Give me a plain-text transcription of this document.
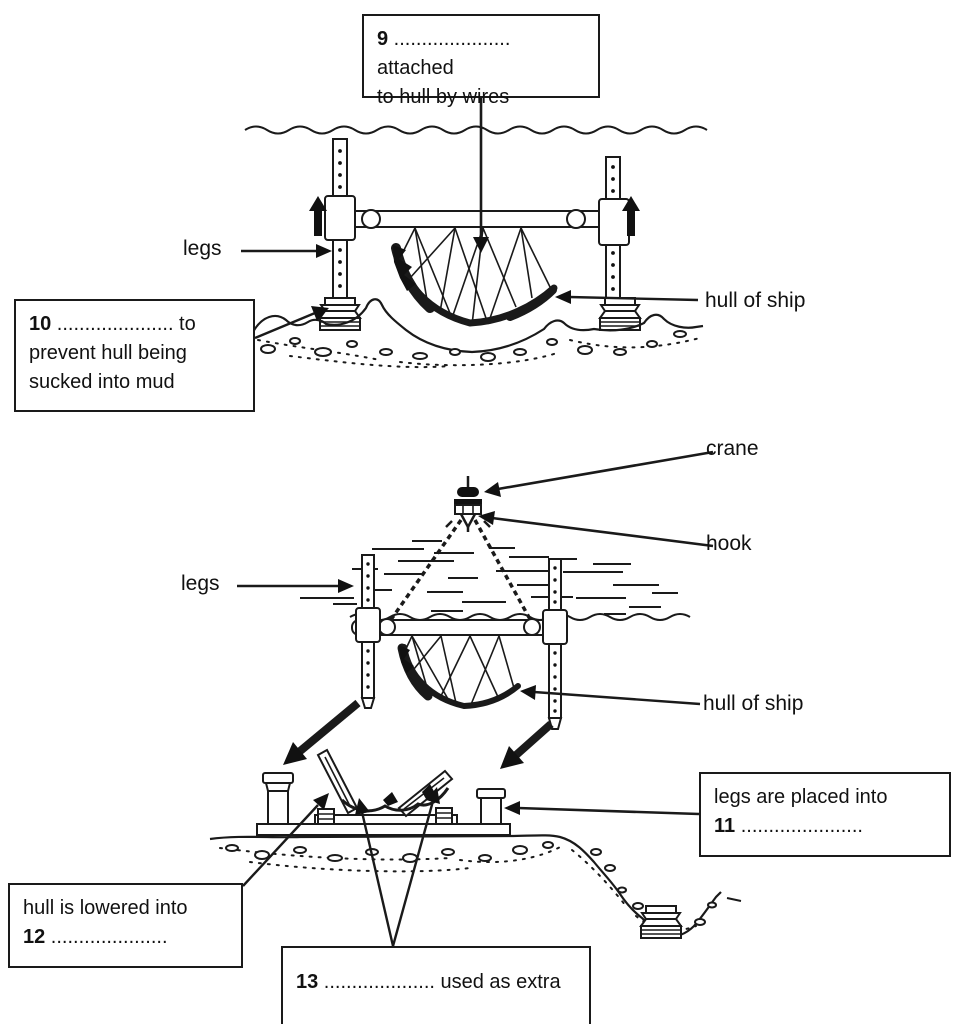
9 ..................... attached
to hull by wires
legs
hull of ship
10 ..................... to
prevent hull being
sucked into mud
crane
hook
legs
hull of ship
legs are placed into
11 ......................
hull is lowered into
12 .....................
13 .................... used as extra
